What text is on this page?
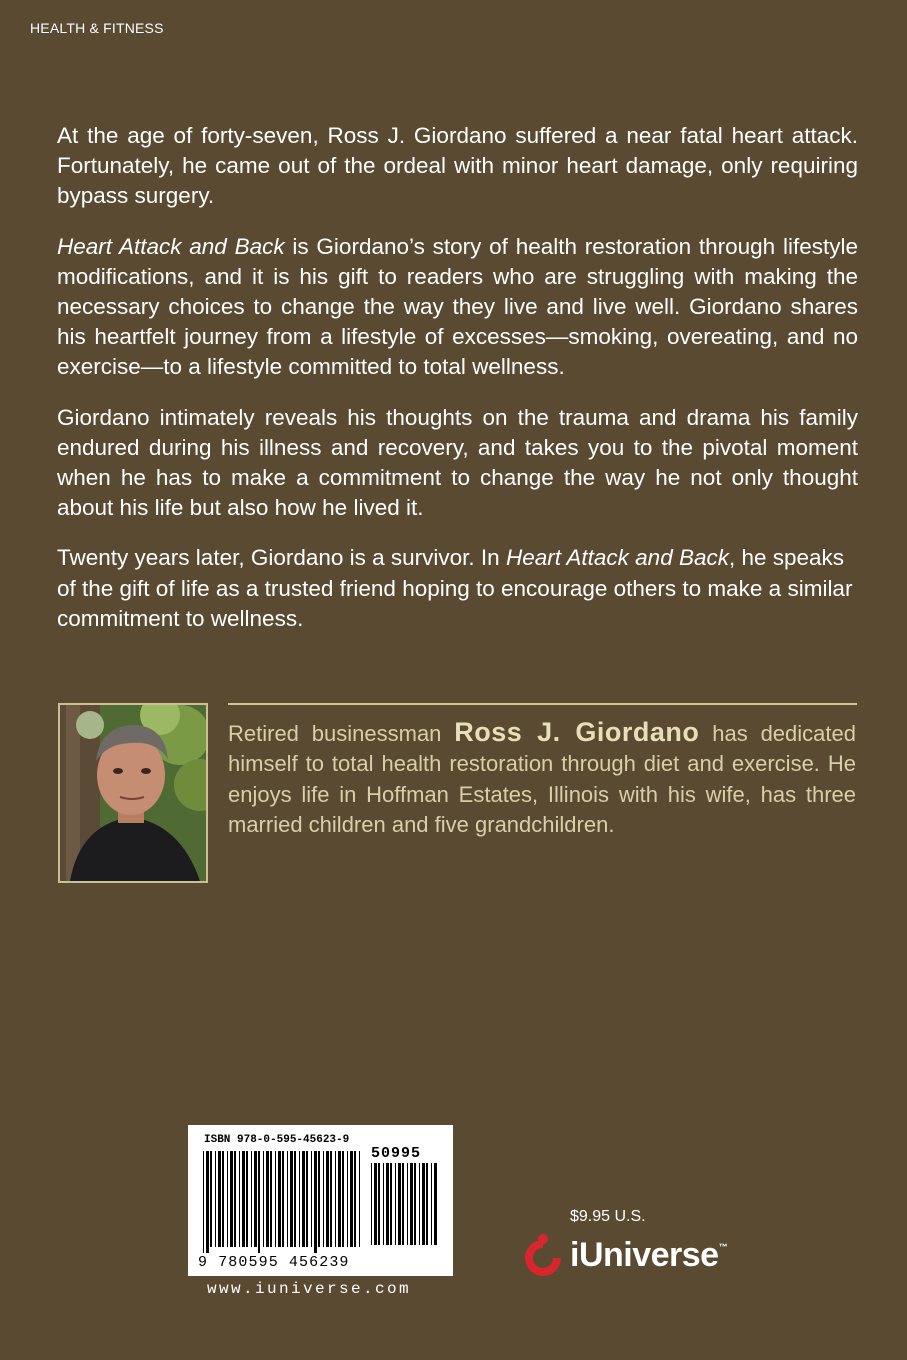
HEALTH & FITNESS

At the age of forty-seven, Ross J. Giordano suffered a near fatal heart attack. Fortunately, he came out of the ordeal with minor heart damage, only requiring bypass surgery.

Heart Attack and Back is Giordano’s story of health restoration through lifestyle modifications, and it is his gift to readers who are struggling with making the necessary choices to change the way they live and live well. Giordano shares his heartfelt journey from a lifestyle of excesses—smoking, overeating, and no exercise—to a lifestyle committed to total wellness.

Giordano intimately reveals his thoughts on the trauma and drama his family endured during his illness and recovery, and takes you to the pivotal moment when he has to make a commitment to change the way he not only thought about his life but also how he lived it.

Twenty years later, Giordano is a survivor. In Heart Attack and Back, he speaks of the gift of life as a trusted friend hoping to encourage others to make a similar commitment to wellness.

Retired businessman Ross J. Giordano has dedicated himself to total health restoration through diet and exercise. He enjoys life in Hoffman Estates, Illinois with his wife, has three married children and five grandchildren.

ISBN 978-0-595-45623-9
50995
9 780595 456239
www.iuniverse.com
$9.95 U.S.
iUniverse™
